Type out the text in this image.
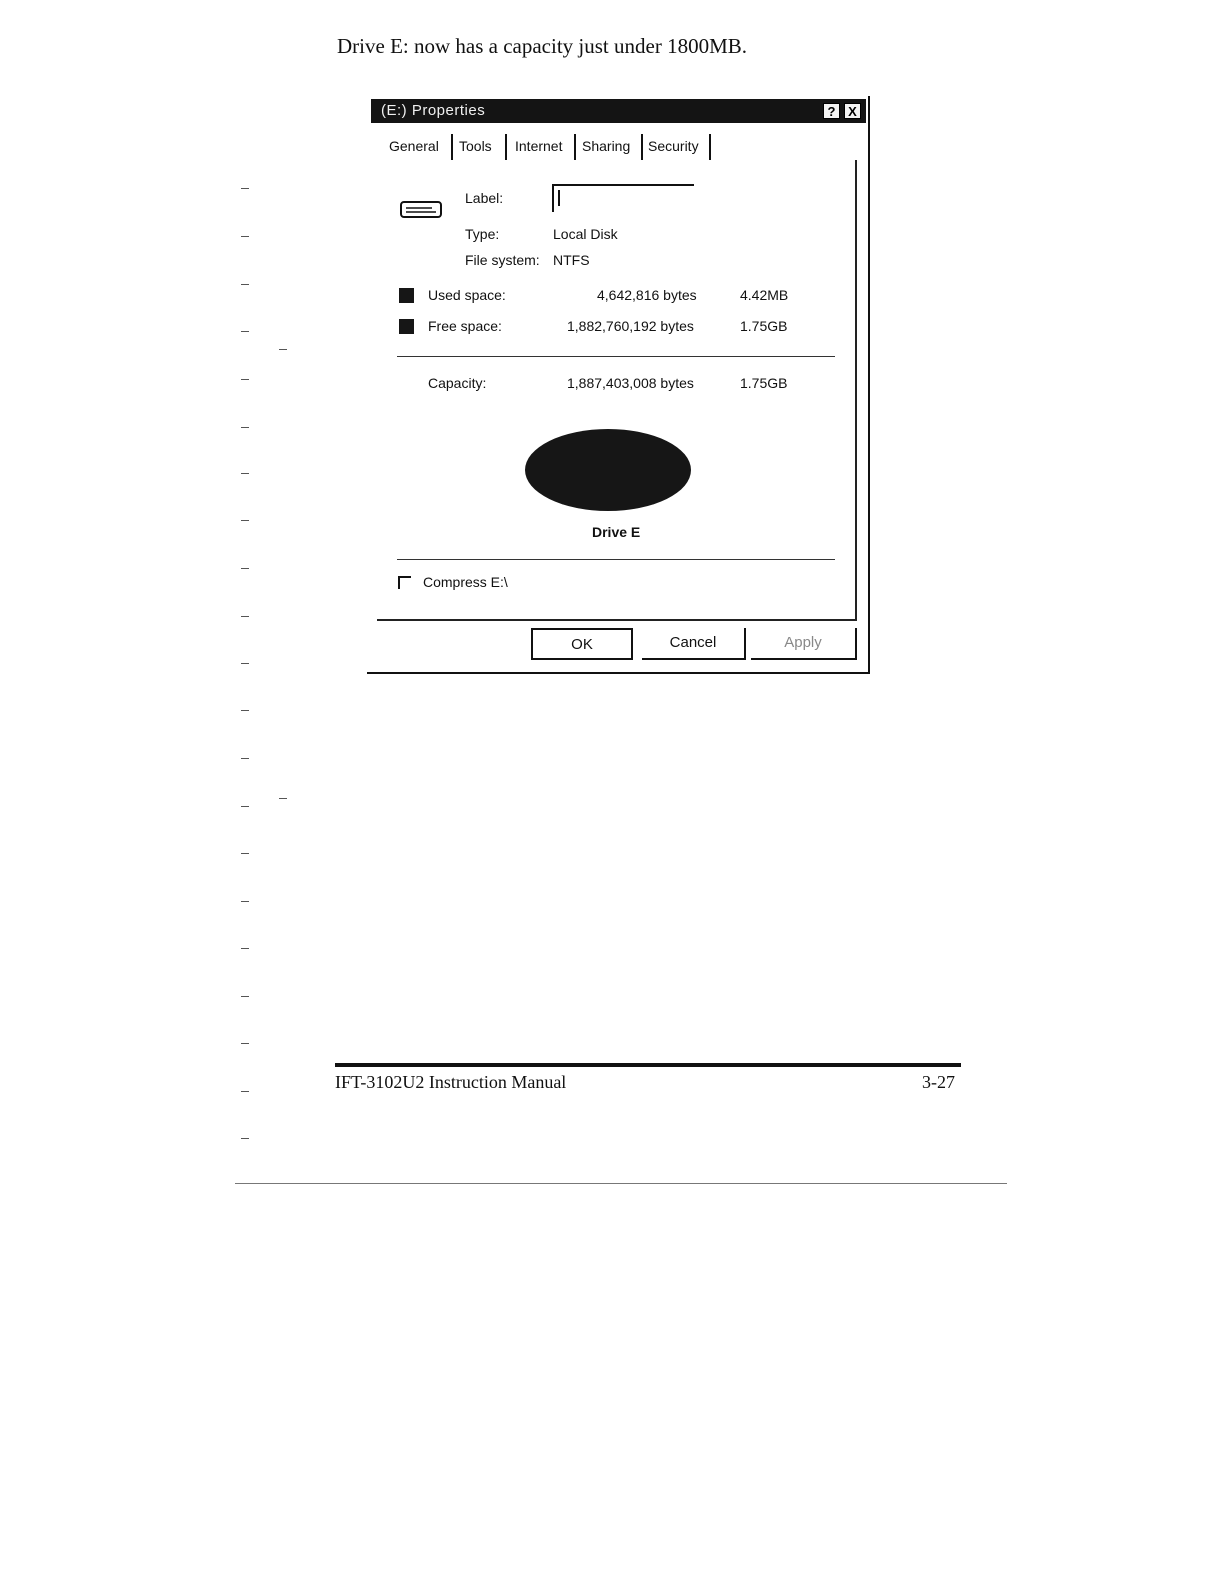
Drive E: now has a capacity just under 1800MB.
(E:) Properties	? X
General Tools Internet Sharing Security
Label:
Type:	Local Disk
File system: NTFS
Used space:	4,642,816 bytes	4.42MB
Free space:	1,882,760,192 bytes	1.75GB
Capacity:	1,887,403,008 bytes	1.75GB
Drive E
Compress E:\
OK	Cancel	Apply
IFT-3102U2 Instruction Manual	3-27
